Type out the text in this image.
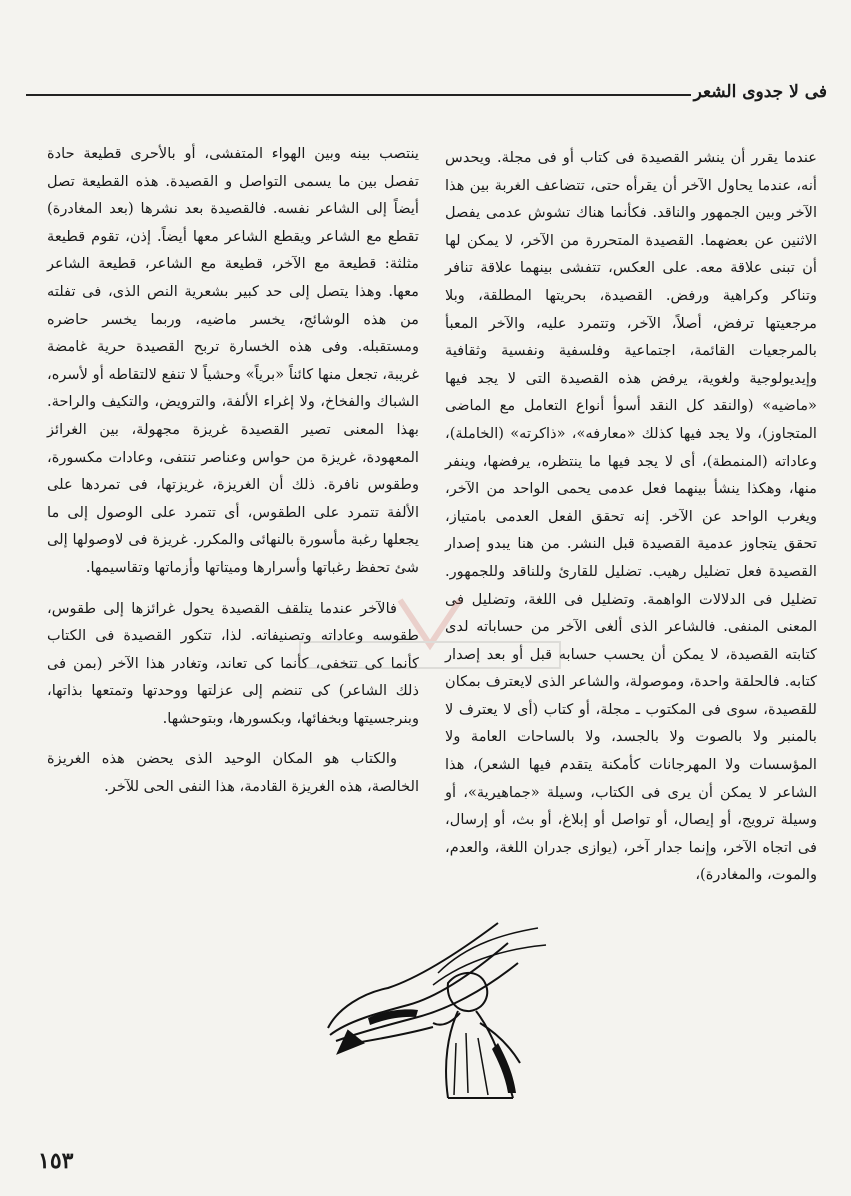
فى لا جدوى الشعر

عندما يقرر أن ينشر القصيدة فى كتاب أو فى مجلة. ويحدس أنه، عندما يحاول الآخر أن يقرأه حتى، تتضاعف الغربة بين هذا الآخر وبين الجمهور والناقد. فكأنما هناك تشوش عدمى يفصل الاثنين عن بعضهما. القصيدة المتحررة من الآخر، لا يمكن لها أن تبنى علاقة معه. على العكس، تتفشى بينهما علاقة تنافر وتناكر وكراهية ورفض. القصيدة، بحريتها المطلقة، وبلا مرجعيتها ترفض، أصلاً، الآخر، وتتمرد عليه، والآخر المعبأ بالمرجعيات القائمة، اجتماعية وفلسفية ونفسية وثقافية وإيديولوجية ولغوية، يرفض هذه القصيدة التى لا يجد فيها «ماضيه» (والنقد كل النقد أسوأ أنواع التعامل مع الماضى المتجاوز)، ولا يجد فيها كذلك «معارفه»، «ذاكرته» (الخاملة)، وعاداته (المنمطة)، أى لا يجد فيها ما ينتظره، يرفضها، وينفر منها، وهكذا ينشأ بينهما فعل عدمى يحمى الواحد من الآخر، ويغرب الواحد عن الآخر. إنه تحقق الفعل العدمى بامتياز، تحقق يتجاوز عدمية القصيدة قبل النشر. من هنا يبدو إصدار القصيدة فعل تضليل رهيب. تضليل للقارئ وللناقد وللجمهور. تضليل فى الدلالات الواهمة. وتضليل فى اللغة، وتضليل فى المعنى المنفى. فالشاعر الذى ألغى الآخر من حساباته لدى كتابته القصيدة، لا يمكن أن يحسب حسابه قبل أو بعد إصدار كتابه. فالحلقة واحدة، وموصولة، والشاعر الذى لايعترف بمكان للقصيدة، سوى فى المكتوب ـ مجلة، أو كتاب (أى لا يعترف لا بالمنبر ولا بالصوت ولا بالجسد، ولا بالساحات العامة ولا المؤسسات ولا المهرجانات كأمكنة يتقدم فيها الشعر)، هذا الشاعر لا يمكن أن يرى فى الكتاب، وسيلة «جماهيرية»، أو وسيلة ترويج، أو إيصال، أو تواصل أو إبلاغ، أو بث، أو إرسال، فى اتجاه الآخر، وإنما جدار آخر، (يوازى جدران اللغة، والعدم، والموت، والمغادرة)،

ينتصب بينه وبين الهواء المتفشى، أو بالأحرى قطيعة حادة تفصل بين ما يسمى التواصل و القصيدة. هذه القطيعة تصل أيضاً إلى الشاعر نفسه. فالقصيدة بعد نشرها (بعد المغادرة) تقطع مع الشاعر ويقطع الشاعر معها أيضاً. إذن، تقوم قطيعة مثلثة: قطيعة مع الآخر، قطيعة مع الشاعر، قطيعة الشاعر معها. وهذا يتصل إلى حد كبير بشعرية النص الذى، فى تفلته من هذه الوشائج، يخسر ماضيه، وربما يخسر حاضره ومستقبله. وفى هذه الخسارة تربح القصيدة حرية غامضة غريبة، تجعل منها كائناً «برياً» وحشياً لا تنفع لالتقاطه أو لأسره، الشباك والفخاخ، ولا إغراء الألفة، والترويض، والتكيف والراحة. بهذا المعنى تصير القصيدة غريزة مجهولة، بين الغرائز المعهودة، غريزة من حواس وعناصر تنتفى، وعادات مكسورة، وطقوس نافرة. ذلك أن الغريزة، غريزتها، فى تمردها على الألفة تتمرد على الطقوس، أى تتمرد على الوصول إلى ما يجعلها رغبة مأسورة بالنهائى والمكرر. غريزة فى لاوصولها إلى شئ تحفظ رغباتها وأسرارها وميتاتها وأزماتها وتقاسيمها.

فالآخر عندما يتلقف القصيدة يحول غرائزها إلى طقوس، طقوسه وعاداته وتصنيفاته. لذا، تتكور القصيدة فى الكتاب كأنما كى تتخفى، كأنما كى تعاند، وتغادر هذا الآخر (بمن فى ذلك الشاعر) كى تنضم إلى عزلتها ووحدتها وتمتعها بذاتها، وبنرجسيتها وبخفائها، وبكسورها، وبتوحشها.

والكتاب هو المكان الوحيد الذى يحضن هذه الغريزة الخالصة، هذه الغريزة القادمة، هذا النفى الحى للآخر.

١٥٣
